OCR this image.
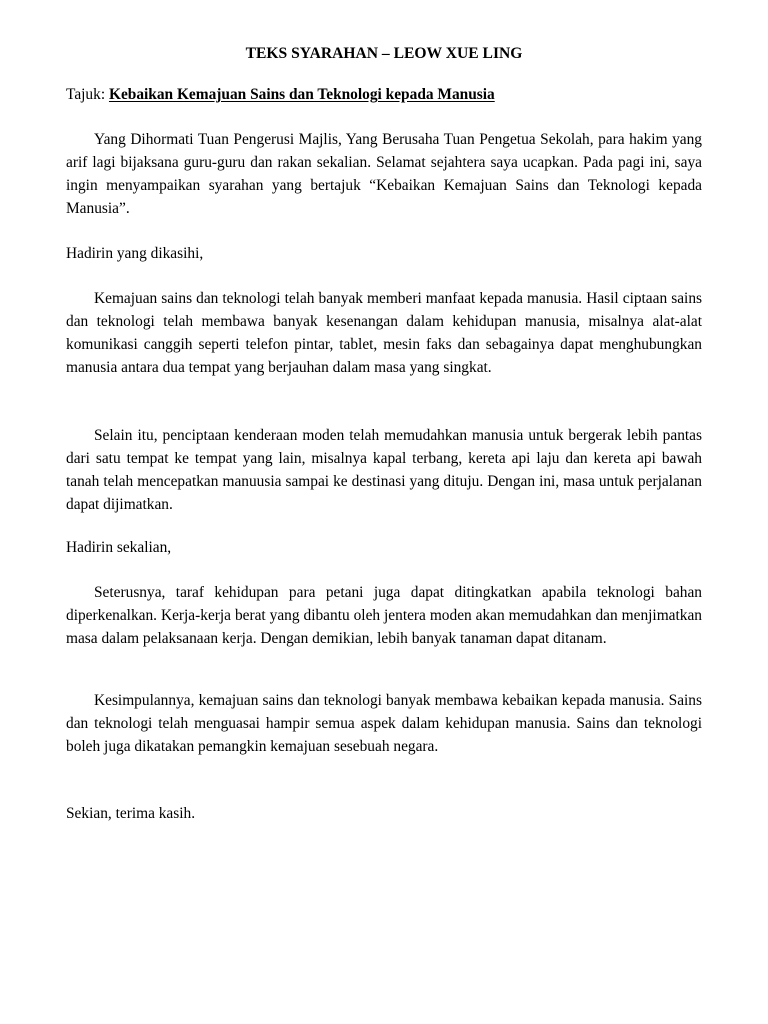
TEKS SYARAHAN – LEOW XUE LING

Tajuk: Kebaikan Kemajuan Sains dan Teknologi kepada Manusia

Yang Dihormati Tuan Pengerusi Majlis, Yang Berusaha Tuan Pengetua Sekolah, para hakim yang arif lagi bijaksana guru-guru dan rakan sekalian. Selamat sejahtera saya ucapkan. Pada pagi ini, saya ingin menyampaikan syarahan yang bertajuk “Kebaikan Kemajuan Sains dan Teknologi kepada Manusia”.

Hadirin yang dikasihi,

Kemajuan sains dan teknologi telah banyak memberi manfaat kepada manusia. Hasil ciptaan sains dan teknologi telah membawa banyak kesenangan dalam kehidupan manusia, misalnya alat-alat komunikasi canggih seperti telefon pintar, tablet, mesin faks dan sebagainya dapat menghubungkan manusia antara dua tempat yang berjauhan dalam masa yang singkat.

Selain itu, penciptaan kenderaan moden telah memudahkan manusia untuk bergerak lebih pantas dari satu tempat ke tempat yang lain, misalnya kapal terbang, kereta api laju dan kereta api bawah tanah telah mencepatkan manuusia sampai ke destinasi yang dituju. Dengan ini, masa untuk perjalanan dapat dijimatkan.

Hadirin sekalian,

Seterusnya, taraf kehidupan para petani juga dapat ditingkatkan apabila teknologi bahan diperkenalkan. Kerja-kerja berat yang dibantu oleh jentera moden akan memudahkan dan menjimatkan masa dalam pelaksanaan kerja. Dengan demikian, lebih banyak tanaman dapat ditanam.

Kesimpulannya, kemajuan sains dan teknologi banyak membawa kebaikan kepada manusia. Sains dan teknologi telah menguasai hampir semua aspek dalam kehidupan manusia. Sains dan teknologi boleh juga dikatakan pemangkin kemajuan sesebuah negara.

Sekian, terima kasih.
